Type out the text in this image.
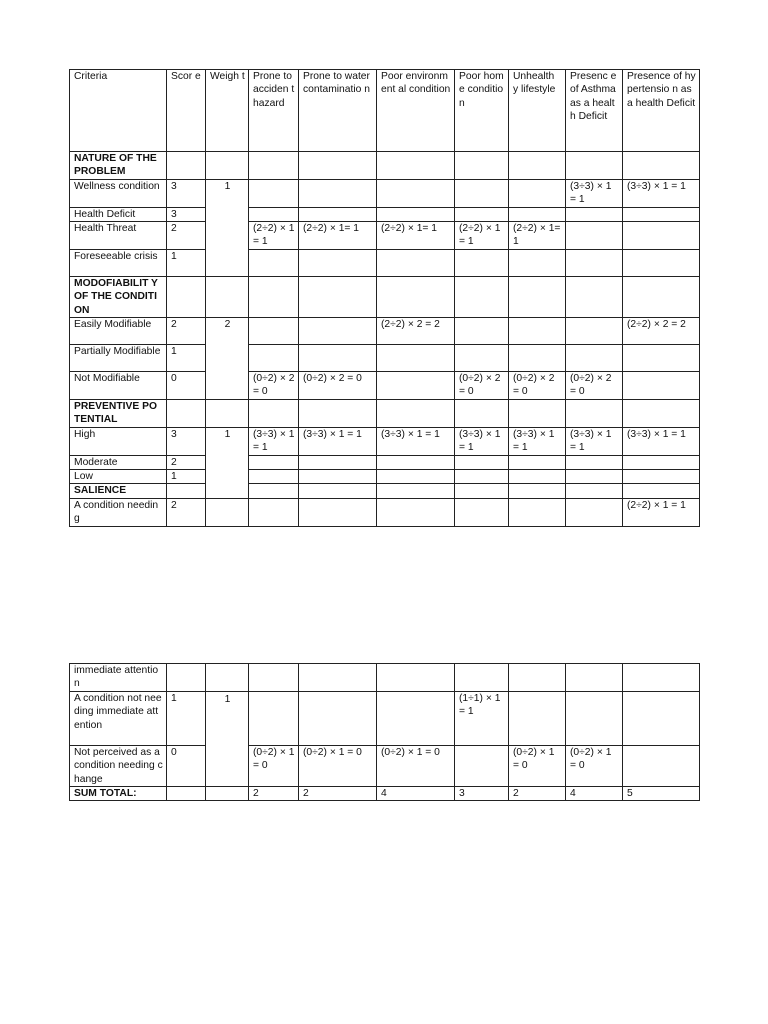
Criteria	Scor e	Weigh t	Prone to acciden t hazard	Prone to water contaminatio n	Poor environment al condition	Poor home conditio n	Unhealth y lifestyle	Presenc e of Asthma as a health Deficit	Presence of hypertensio n as a health Deficit
NATURE OF THE PROBLEM									
Wellness condition	3	1						(3÷3) × 1 = 1	(3÷3) × 1 = 1
Health Deficit	3								
Health Threat	2		(2÷2) × 1= 1	(2÷2) × 1= 1	(2÷2) × 1= 1	(2÷2) × 1= 1	(2÷2) × 1= 1		
Foreseeable crisis	1								
MODOFIABILIT Y OF THE CONDITION									
Easily Modifiable	2	2			(2÷2) × 2 = 2				(2÷2) × 2 = 2
Partially Modifiable	1								
Not Modifiable	0		(0÷2) × 2= 0	(0÷2) × 2 = 0		(0÷2) × 2 = 0	(0÷2) × 2 = 0	(0÷2) × 2 = 0	
PREVENTIVE POTENTIAL									
High	3	1	(3÷3) × 1 = 1	(3÷3) × 1 = 1	(3÷3) × 1 = 1	(3÷3) × 1 = 1	(3÷3) × 1 = 1	(3÷3) × 1 = 1	(3÷3) × 1 = 1
Moderate	2								
Low	1								
SALIENCE									
A condition needing	2								(2÷2) × 1 = 1
immediate attention									
A condition not needing immediate attention	1	1				(1÷1) × 1 = 1			
Not perceived as a condition needing change	0		(0÷2) × 1 = 0	(0÷2) × 1 = 0	(0÷2) × 1 = 0		(0÷2) × 1 = 0	(0÷2) × 1 = 0	
SUM TOTAL:			2	2	4	3	2	4	5
